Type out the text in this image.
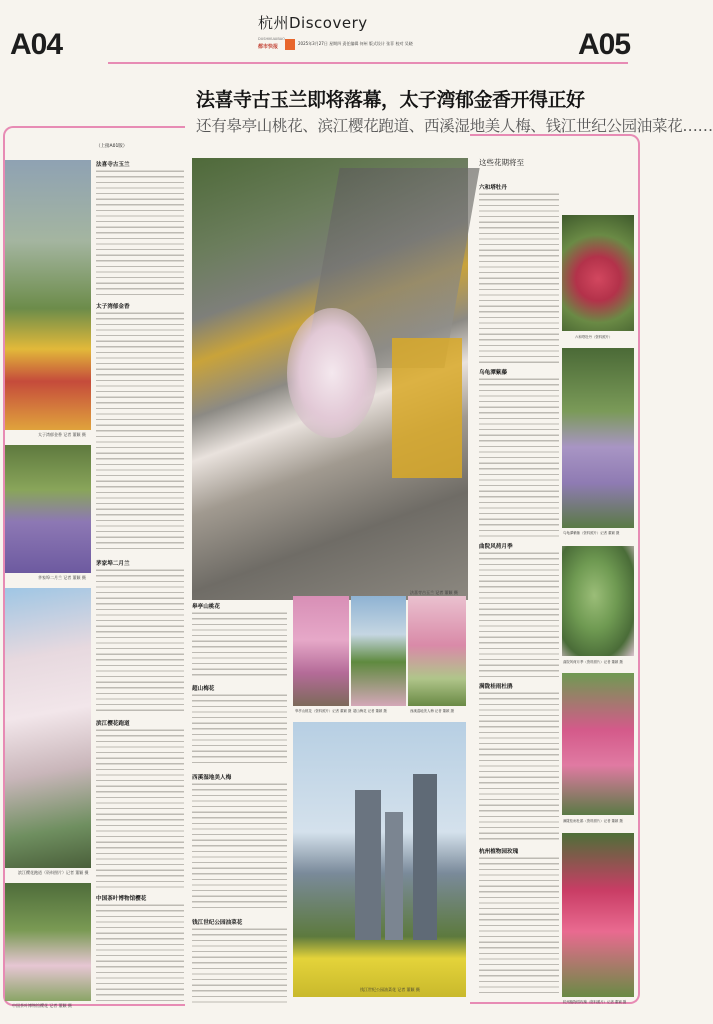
A04	A05
杭州Discovery
DUSHIKUAIBAO
都市快报
2025年3月27日 星期四 责任编辑 何州 版式设计 张菲 校对 吴晓
法喜寺古玉兰即将落幕，太子湾郁金香开得正好
还有皋亭山桃花、滨江樱花跑道、西溪湿地美人梅、钱江世纪公园油菜花……
太子湾郁金香 记者 董颖 摄
茅家埠二月兰 记者 董颖 摄
滨江樱花跑道（资料照片）记者 董颖 摄
中国茶叶博物馆樱花 记者 董颖 摄
（上接A01版）
法喜寺古玉兰
太子湾郁金香
茅家埠二月兰
滨江樱花跑道
中国茶叶博物馆樱花
法喜寺古玉兰 记者 董颖 摄
皋亭山桃花
超山梅花
西溪湿地美人梅
钱江世纪公园油菜花
皋亭山桃花（资料照片）记者 董颖 摄 超山梅花 记者 董颖 摄	西溪湿地美人梅 记者 董颖 摄
钱江世纪公园油菜花 记者 董颖 摄
这些花期将至
六和塔牡丹
乌龟潭紫藤
曲院风荷月季
满陇桂雨杜鹃
杭州植物园玫瑰
六和塔牡丹（资料照片）
乌龟潭紫藤（资料照片）记者 董颖 摄
曲院风荷月季（资料照片）记者 董颖 摄
满陇桂雨杜鹃（资料照片）记者 董颖 摄
杭州植物园玫瑰（资料照片）记者 董颖 摄
